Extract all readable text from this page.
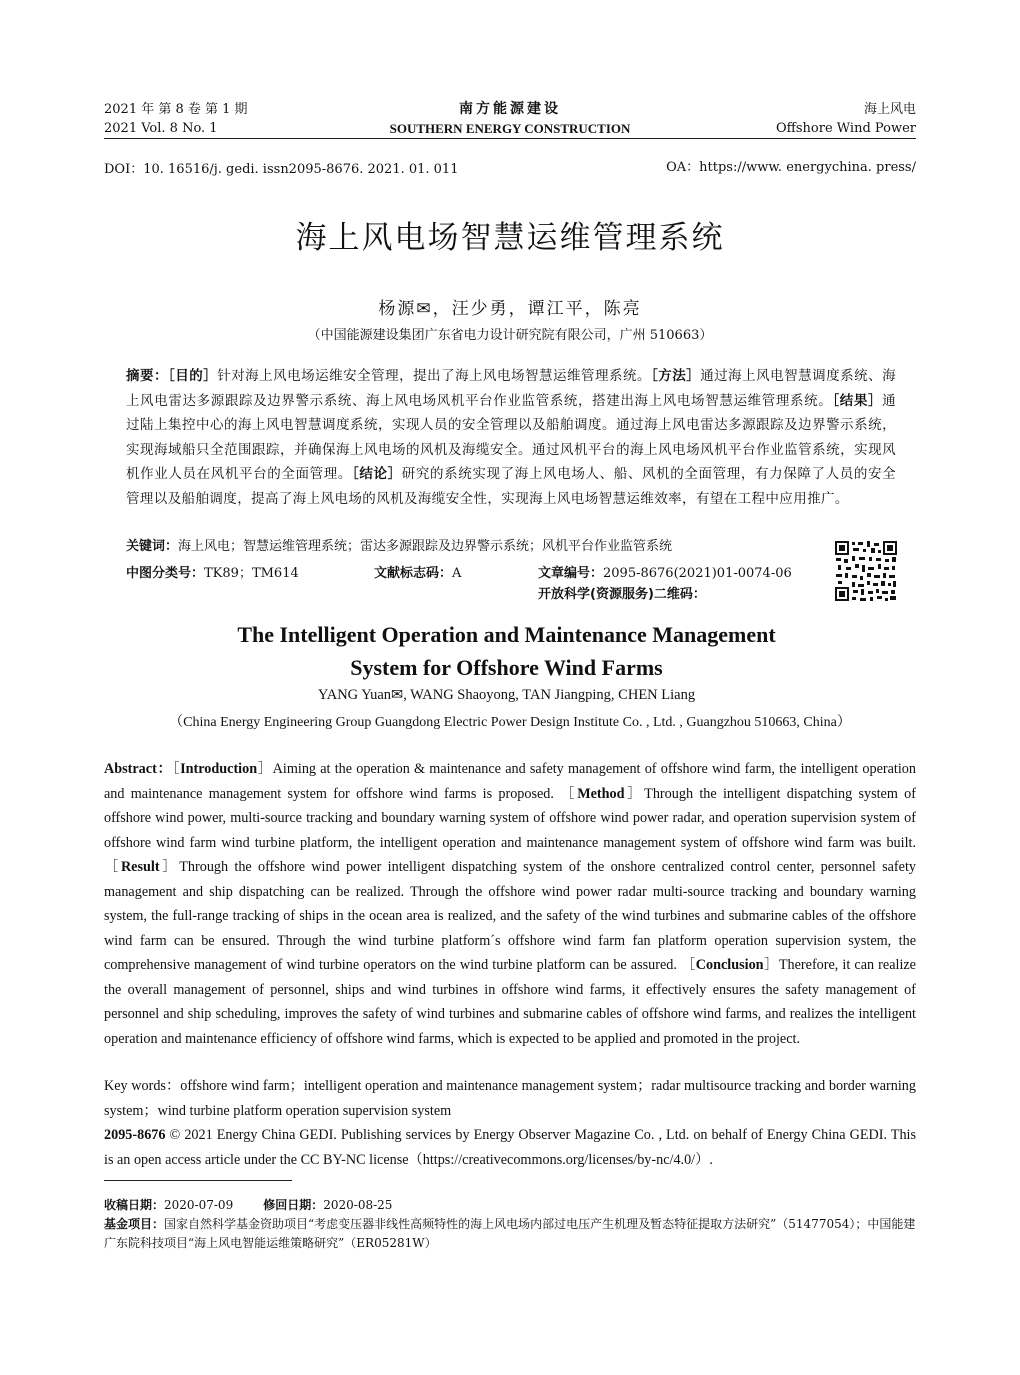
2021 年 第 8 卷 第 1 期
2021 Vol. 8 No. 1
南方能源建设
SOUTHERN ENERGY CONSTRUCTION
海上风电
Offshore Wind Power
DOI：10. 16516/j. gedi. issn2095-8676. 2021. 01. 011	OA：https://www. energychina. press/
海上风电场智慧运维管理系统
杨源✉，汪少勇，谭江平，陈亮
（中国能源建设集团广东省电力设计研究院有限公司，广州 510663）
摘要：［目的］针对海上风电场运维安全管理，提出了海上风电场智慧运维管理系统。［方法］通过海上风电智慧调度系统、海上风电雷达多源跟踪及边界警示系统、海上风电场风机平台作业监管系统，搭建出海上风电场智慧运维管理系统。［结果］通过陆上集控中心的海上风电智慧调度系统，实现人员的安全管理以及船舶调度。通过海上风电雷达多源跟踪及边界警示系统，实现海域船只全范围跟踪，并确保海上风电场的风机及海缆安全。通过风机平台的海上风电场风机平台作业监管系统，实现风机作业人员在风机平台的全面管理。［结论］研究的系统实现了海上风电场人、船、风机的全面管理，有力保障了人员的安全管理以及船舶调度，提高了海上风电场的风机及海缆安全性，实现海上风电场智慧运维效率，有望在工程中应用推广。
关键词：海上风电；智慧运维管理系统；雷达多源跟踪及边界警示系统；风机平台作业监管系统
中图分类号：TK89；TM614	文献标志码：A	文章编号：2095-8676(2021)01-0074-06
开放科学(资源服务)二维码：
The Intelligent Operation and Maintenance Management
System for Offshore Wind Farms
YANG Yuan✉, WANG Shaoyong, TAN Jiangping, CHEN Liang
（China Energy Engineering Group Guangdong Electric Power Design Institute Co. , Ltd. , Guangzhou 510663, China）
Abstract：［Introduction］Aiming at the operation & maintenance and safety management of offshore wind farm, the intelligent operation and maintenance management system for offshore wind farms is proposed. ［Method］Through the intelligent dispatching system of offshore wind power, multi-source tracking and boundary warning system of offshore wind power radar, and operation supervision system of offshore wind farm wind turbine platform, the intelligent operation and maintenance management system of offshore wind farm was built. ［Result］Through the offshore wind power intelligent dispatching system of the onshore centralized control center, personnel safety management and ship dispatching can be realized. Through the offshore wind power radar multi-source tracking and boundary warning system, the full-range tracking of ships in the ocean area is realized, and the safety of the wind turbines and submarine cables of the offshore wind farm can be ensured. Through the wind turbine platform´s offshore wind farm fan platform operation supervision system, the comprehensive management of wind turbine operators on the wind turbine platform can be assured. ［Conclusion］Therefore, it can realize the overall management of personnel, ships and wind turbines in offshore wind farms, it effectively ensures the safety management of personnel and ship scheduling, improves the safety of wind turbines and submarine cables of offshore wind farms, and realizes the intelligent operation and maintenance efficiency of offshore wind farms, which is expected to be applied and promoted in the project.
Key words：offshore wind farm；intelligent operation and maintenance management system；radar multisource tracking and border warning system；wind turbine platform operation supervision system
2095-8676 © 2021 Energy China GEDI. Publishing services by Energy Observer Magazine Co. , Ltd. on behalf of Energy China GEDI. This is an open access article under the CC BY-NC license（https://creativecommons.org/licenses/by-nc/4.0/）.
收稿日期：2020-07-09	修回日期：2020-08-25
基金项目：国家自然科学基金资助项目“考虑变压器非线性高频特性的海上风电场内部过电压产生机理及暂态特征提取方法研究”（51477054）；中国能建广东院科技项目“海上风电智能运维策略研究”（ER05281W）
